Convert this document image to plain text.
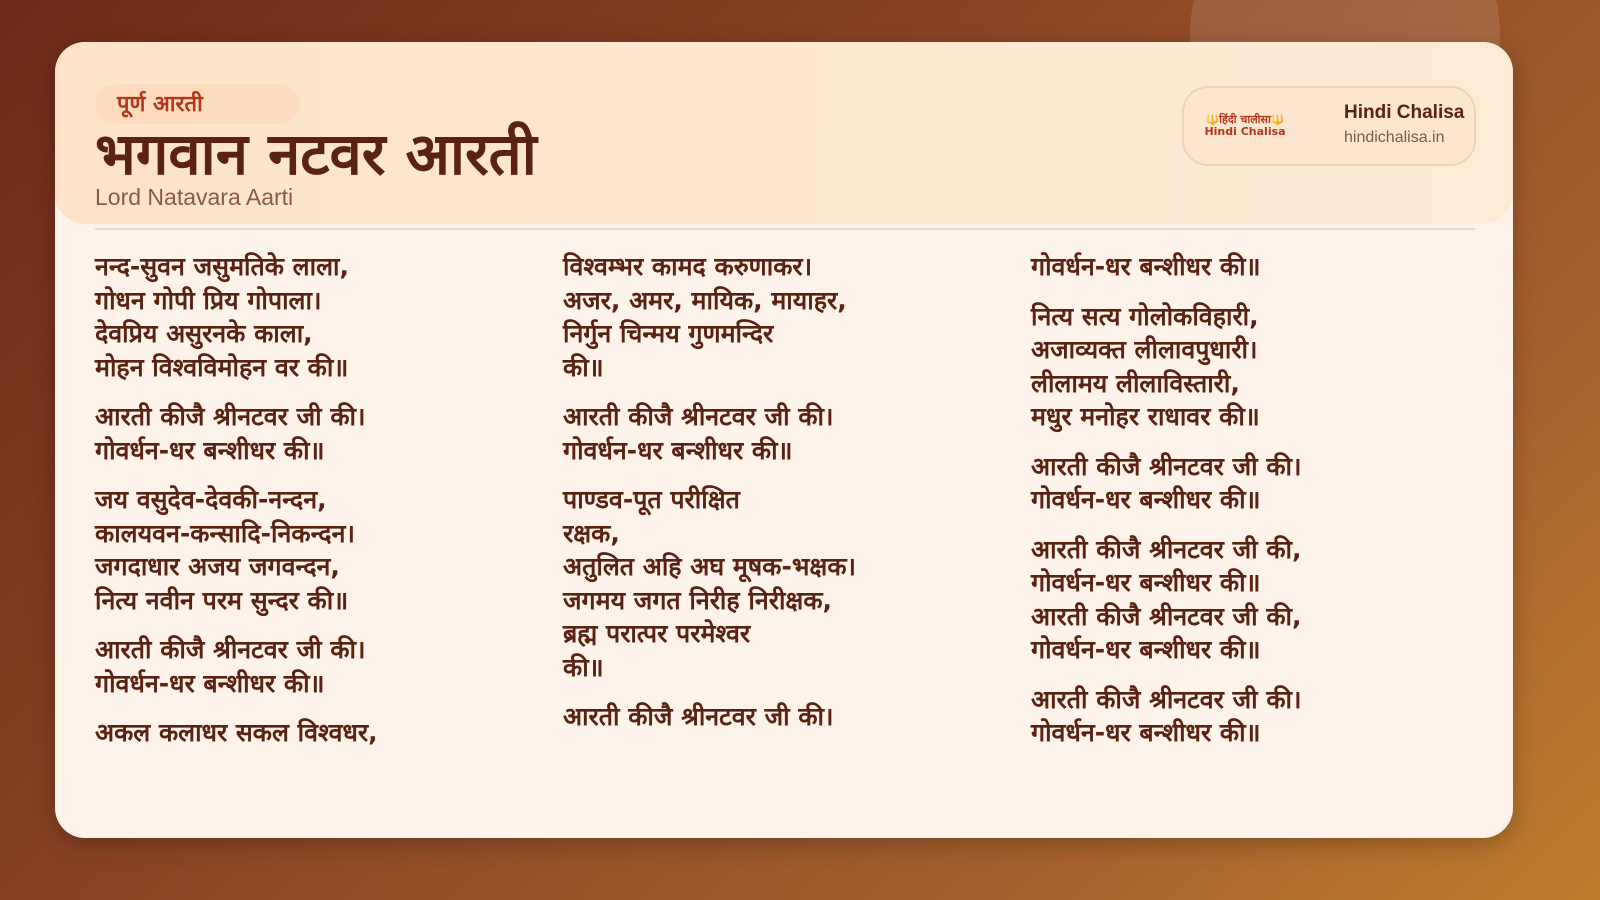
पूर्ण आरती
भगवान नटवर आरती
Lord Natavara Aarti
🔱हिंदी चालीसा🔱
Hindi Chalisa
Hindi Chalisa
hindichalisa.in
नन्द-सुवन जसुमतिके लाला,
गोधन गोपी प्रिय गोपाला।
देवप्रिय असुरनके काला,
मोहन विश्वविमोहन वर की॥
आरती कीजै श्रीनटवर जी की।
गोवर्धन-धर बन्शीधर की॥
जय वसुदेव-देवकी-नन्दन,
कालयवन-कन्सादि-निकन्दन।
जगदाधार अजय जगवन्दन,
नित्य नवीन परम सुन्दर की॥
आरती कीजै श्रीनटवर जी की।
गोवर्धन-धर बन्शीधर की॥
अकल कलाधर सकल विश्वधर,
विश्वम्भर कामद करुणाकर।
अजर, अमर, मायिक, मायाहर,
निर्गुन चिन्मय गुणमन्दिर
की॥
आरती कीजै श्रीनटवर जी की।
गोवर्धन-धर बन्शीधर की॥
पाण्डव-पूत परीक्षित
रक्षक,
अतुलित अहि अघ मूषक-भक्षक।
जगमय जगत निरीह निरीक्षक,
ब्रह्म परात्पर परमेश्वर
की॥
आरती कीजै श्रीनटवर जी की।
गोवर्धन-धर बन्शीधर की॥
नित्य सत्य गोलोकविहारी,
अजाव्यक्त लीलावपुधारी।
लीलामय लीलाविस्तारी,
मधुर मनोहर राधावर की॥
आरती कीजै श्रीनटवर जी की।
गोवर्धन-धर बन्शीधर की॥
आरती कीजै श्रीनटवर जी की,
गोवर्धन-धर बन्शीधर की॥
आरती कीजै श्रीनटवर जी की,
गोवर्धन-धर बन्शीधर की॥
आरती कीजै श्रीनटवर जी की।
गोवर्धन-धर बन्शीधर की॥
